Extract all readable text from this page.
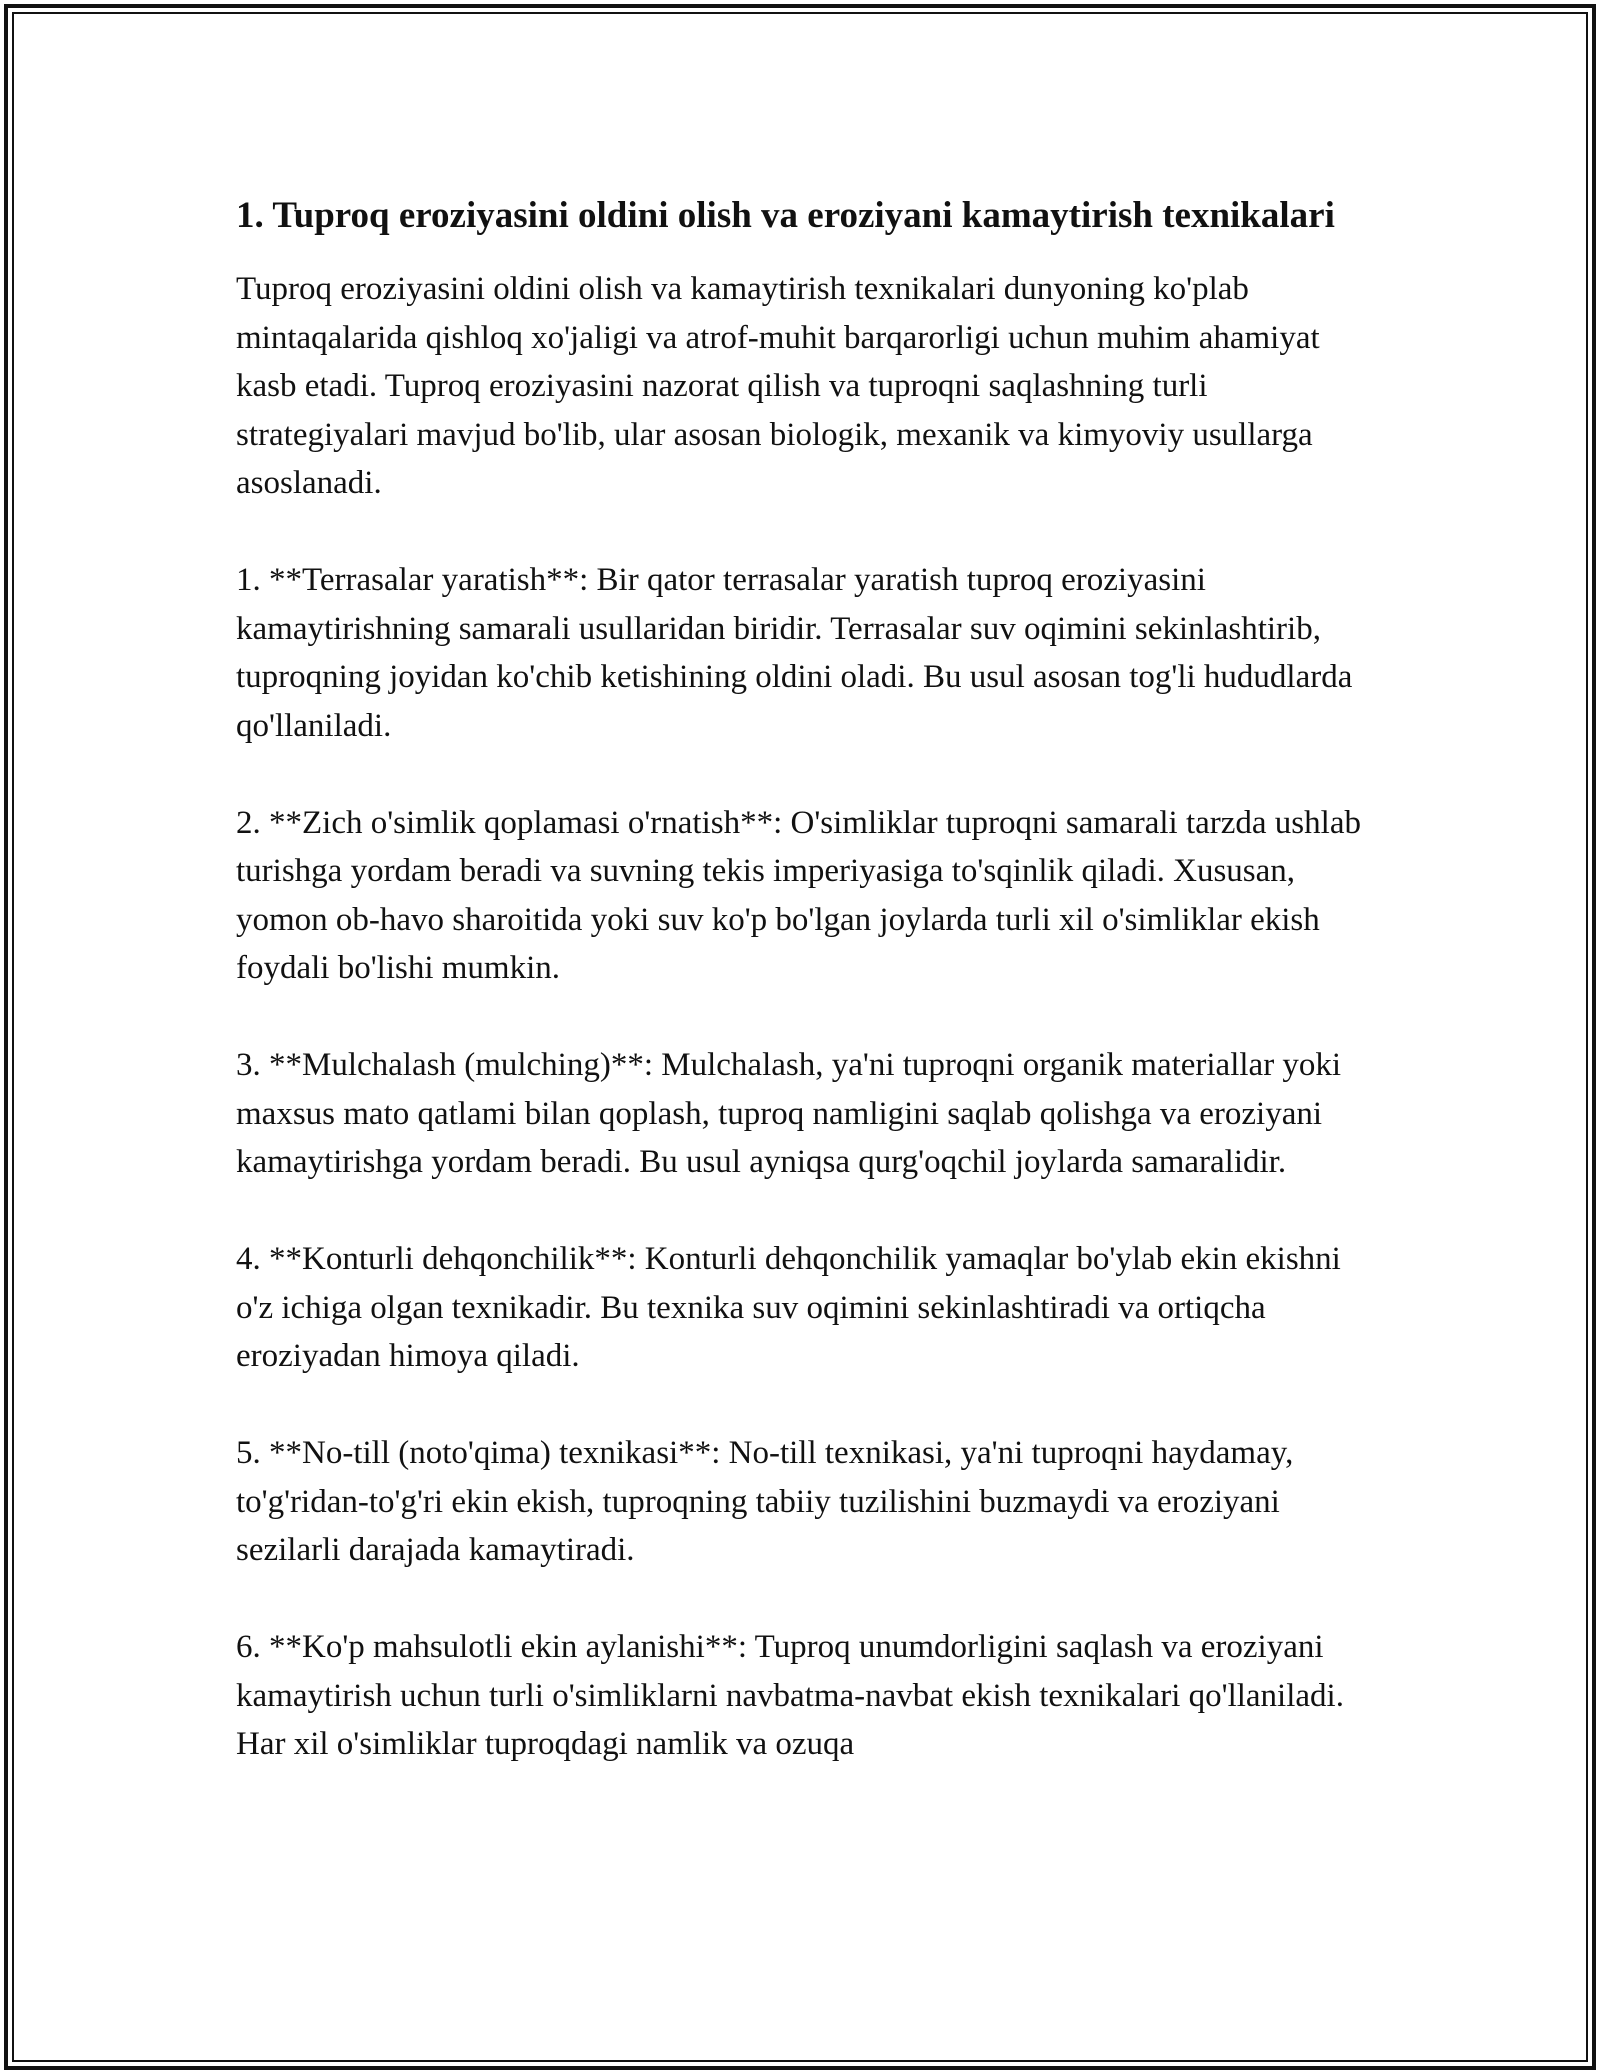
1. Tuproq eroziyasini oldini olish va eroziyani kamaytirish texnikalari

Tuproq eroziyasini oldini olish va kamaytirish texnikalari dunyoning ko'plab mintaqalarida qishloq xo'jaligi va atrof-muhit barqarorligi uchun muhim ahamiyat kasb etadi. Tuproq eroziyasini nazorat qilish va tuproqni saqlashning turli strategiyalari mavjud bo'lib, ular asosan biologik, mexanik va kimyoviy usullarga asoslanadi.

1. **Terrasalar yaratish**: Bir qator terrasalar yaratish tuproq eroziyasini kamaytirishning samarali usullaridan biridir. Terrasalar suv oqimini sekinlashtirib, tuproqning joyidan ko'chib ketishining oldini oladi. Bu usul asosan tog'li hududlarda qo'llaniladi.

2. **Zich o'simlik qoplamasi o'rnatish**: O'simliklar tuproqni samarali tarzda ushlab turishga yordam beradi va suvning tekis imperiyasiga to'sqinlik qiladi. Xususan, yomon ob-havo sharoitida yoki suv ko'p bo'lgan joylarda turli xil o'simliklar ekish foydali bo'lishi mumkin.

3. **Mulchalash (mulching)**: Mulchalash, ya'ni tuproqni organik materiallar yoki maxsus mato qatlami bilan qoplash, tuproq namligini saqlab qolishga va eroziyani kamaytirishga yordam beradi. Bu usul ayniqsa qurg'oqchil joylarda samaralidir.

4. **Konturli dehqonchilik**: Konturli dehqonchilik yamaqlar bo'ylab ekin ekishni o'z ichiga olgan texnikadir. Bu texnika suv oqimini sekinlashtiradi va ortiqcha eroziyadan himoya qiladi.

5. **No-till (noto'qima) texnikasi**: No-till texnikasi, ya'ni tuproqni haydamay, to'g'ridan-to'g'ri ekin ekish, tuproqning tabiiy tuzilishini buzmaydi va eroziyani sezilarli darajada kamaytiradi.

6. **Ko'p mahsulotli ekin aylanishi**: Tuproq unumdorligini saqlash va eroziyani kamaytirish uchun turli o'simliklarni navbatma-navbat ekish texnikalari qo'llaniladi. Har xil o'simliklar tuproqdagi namlik va ozuqa
